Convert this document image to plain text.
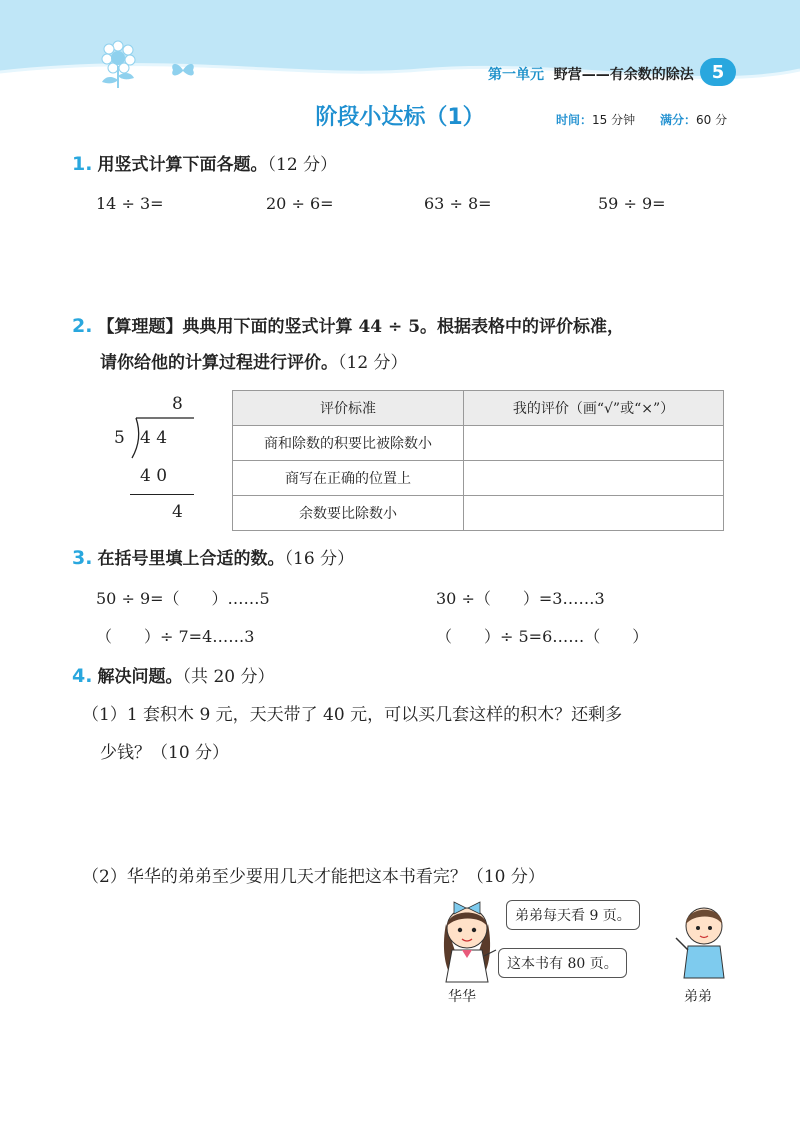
第一单元 野营——有余数的除法 5
阶段小达标（1）	时间：15 分钟 满分：60 分
1. 用竖式计算下面各题。（12 分）
14 ÷ 3=	20 ÷ 6=	63 ÷ 8=	59 ÷ 9=
2. 【算理题】典典用下面的竖式计算 44 ÷ 5。根据表格中的评价标准，
请你给他的计算过程进行评价。（12 分）
8
5 4 4
4 0
4
评价标准	我的评价（画“√”或“×”）
商和除数的积要比被除数小	
商写在正确的位置上	
余数要比除数小	
3. 在括号里填上合适的数。（16 分）
50 ÷ 9=（　　）……5	30 ÷（　　）=3……3
（　　）÷ 7=4……3	（　　）÷ 5=6……（　　）
4. 解决问题。（共 20 分）
（1）1 套积木 9 元，天天带了 40 元，可以买几套这样的积木？还剩多
少钱？（10 分）
（2）华华的弟弟至少要用几天才能把这本书看完？（10 分）
华华
弟弟每天看 9 页。
这本书有 80 页。
弟弟
